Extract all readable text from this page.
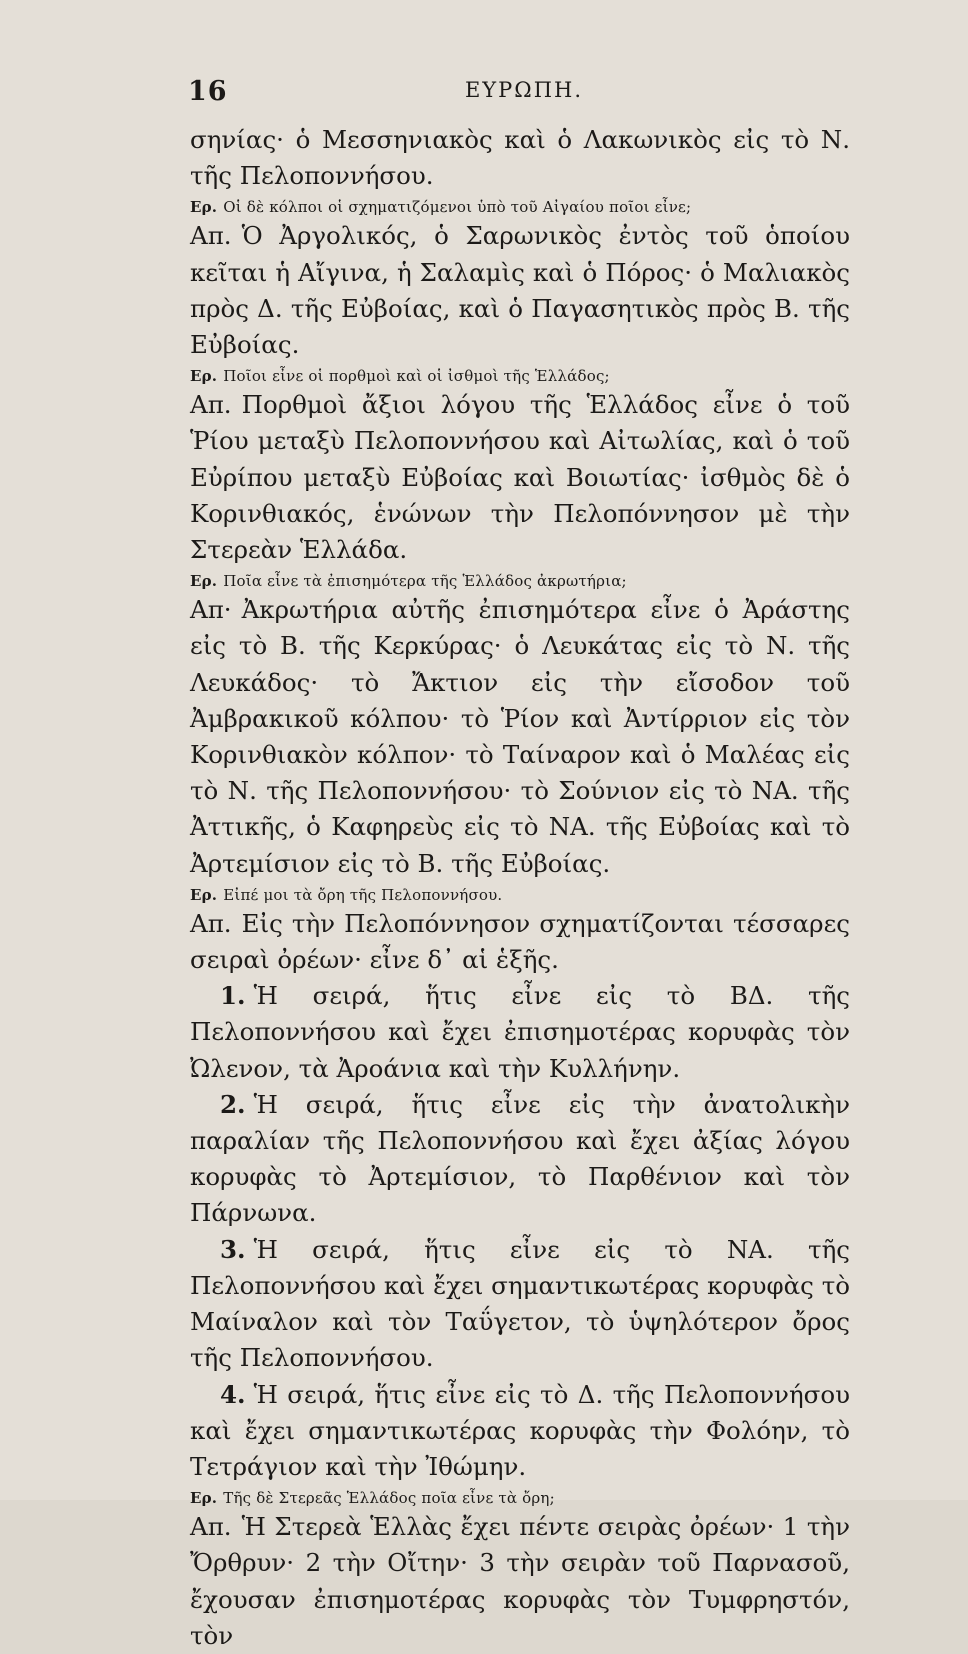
16	ΕΥΡΩΠΗ.

σηνίας· ὁ Μεσσηνιακὸς καὶ ὁ Λακωνικὸς εἰς τὸ Ν. τῆς Πελοποννήσου.

Ερ. Οἱ δὲ κόλποι οἱ σχηματιζόμενοι ὑπὸ τοῦ Αἰγαίου ποῖοι εἶνε;

Απ. Ὁ Ἀργολικός, ὁ Σαρωνικὸς ἐντὸς τοῦ ὁποίου κεῖται ἡ Αἴγινα, ἡ Σαλαμὶς καὶ ὁ Πόρος· ὁ Μαλιακὸς πρὸς Δ. τῆς Εὐβοίας, καὶ ὁ Παγασητικὸς πρὸς Β. τῆς Εὐβοίας.

Ερ. Ποῖοι εἶνε οἱ πορθμοὶ καὶ οἱ ἰσθμοὶ τῆς Ἑλλάδος;

Απ. Πορθμοὶ ἄξιοι λόγου τῆς Ἑλλάδος εἶνε ὁ τοῦ Ῥίου μεταξὺ Πελοποννήσου καὶ Αἰτωλίας, καὶ ὁ τοῦ Εὐρίπου μεταξὺ Εὐβοίας καὶ Βοιωτίας· ἰσθμὸς δὲ ὁ Κορινθιακός, ἑνώνων τὴν Πελοπόννησον μὲ τὴν Στερεὰν Ἑλλάδα.

Ερ. Ποῖα εἶνε τὰ ἐπισημότερα τῆς Ἑλλάδος ἀκρωτήρια;

Απ· Ἀκρωτήρια αὐτῆς ἐπισημότερα εἶνε ὁ Ἀράστης εἰς τὸ Β. τῆς Κερκύρας· ὁ Λευκάτας εἰς τὸ Ν. τῆς Λευκάδος· τὸ Ἄκτιον εἰς τὴν εἴσοδον τοῦ Ἀμβρακικοῦ κόλπου· τὸ Ῥίον καὶ Ἀντίρριον εἰς τὸν Κορινθιακὸν κόλπον· τὸ Ταίναρον καὶ ὁ Μαλέας εἰς τὸ Ν. τῆς Πελοποννήσου· τὸ Σούνιον εἰς τὸ ΝΑ. τῆς Ἀττικῆς, ὁ Καφηρεὺς εἰς τὸ ΝΑ. τῆς Εὐβοίας καὶ τὸ Ἀρτεμίσιον εἰς τὸ Β. τῆς Εὐβοίας.

Ερ. Εἰπέ μοι τὰ ὄρη τῆς Πελοποννήσου.

Απ. Εἰς τὴν Πελοπόννησον σχηματίζονται τέσσαρες σειραὶ ὀρέων· εἶνε δ᾽ αἱ ἑξῆς.

1. Ἡ σειρά, ἥτις εἶνε εἰς τὸ ΒΔ. τῆς Πελοποννήσου καὶ ἔχει ἐπισημοτέρας κορυφὰς τὸν Ὠλενον, τὰ Ἀροάνια καὶ τὴν Κυλλήνην.

2. Ἡ σειρά, ἥτις εἶνε εἰς τὴν ἀνατολικὴν παραλίαν τῆς Πελοποννήσου καὶ ἔχει ἀξίας λόγου κορυφὰς τὸ Ἀρτεμίσιον, τὸ Παρθένιον καὶ τὸν Πάρνωνα.

3. Ἡ σειρά, ἥτις εἶνε εἰς τὸ ΝΑ. τῆς Πελοποννήσου καὶ ἔχει σημαντικωτέρας κορυφὰς τὸ Μαίναλον καὶ τὸν Ταΰγετον, τὸ ὑψηλότερον ὄρος τῆς Πελοποννήσου.

4. Ἡ σειρά, ἥτις εἶνε εἰς τὸ Δ. τῆς Πελοποννήσου καὶ ἔχει σημαντικωτέρας κορυφὰς τὴν Φολόην, τὸ Τετράγιον καὶ τὴν Ἰθώμην.

Ερ. Τῆς δὲ Στερεᾶς Ἑλλάδος ποῖα εἶνε τὰ ὄρη;

Απ. Ἡ Στερεὰ Ἑλλὰς ἔχει πέντε σειρὰς ὀρέων· 1 τὴν Ὄρθρυν· 2 τὴν Οἴτην· 3 τὴν σειρὰν τοῦ Παρνασοῦ, ἔχουσαν ἐπισημοτέρας κορυφὰς τὸν Τυμφρηστόν, τὸν
